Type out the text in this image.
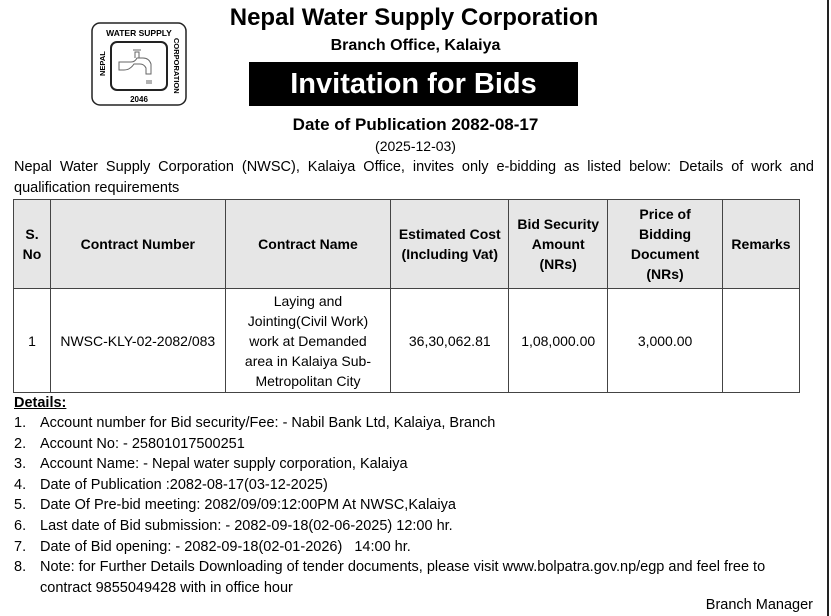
WATER SUPPLY
NEPAL	CORPORATION
2046
Nepal Water Supply Corporation
Branch Office, Kalaiya
Invitation for Bids
Date of Publication 2082-08-17
(2025-12-03)
Nepal Water Supply Corporation (NWSC), Kalaiya Office, invites only e-bidding as listed below: Details of work and qualification requirements
S.
No	Contract Number	Contract Name	Estimated Cost
(Including Vat)	Bid Security
Amount
(NRs)	Price of
Bidding
Document
(NRs)	Remarks
1	NWSC-KLY-02-2082/083	Laying and
Jointing(Civil Work)
work at Demanded
area in Kalaiya Sub-
Metropolitan City	36,30,062.81	1,08,000.00	3,000.00	
Details:
1. Account number for Bid security/Fee: - Nabil Bank Ltd, Kalaiya, Branch
2. Account No: - 25801017500251
3. Account Name: - Nepal water supply corporation, Kalaiya
4. Date of Publication :2082-08-17(03-12-2025)
5. Date Of Pre-bid meeting: 2082/09/09:12:00PM At NWSC,Kalaiya
6. Last date of Bid submission: - 2082-09-18(02-06-2025) 12:00 hr.
7. Date of Bid opening: - 2082-09-18(02-01-2026)   14:00 hr.
8. Note: for Further Details Downloading of tender documents, please visit www.bolpatra.gov.np/egp and feel free to contract 9855049428 with in office hour
Branch Manager
